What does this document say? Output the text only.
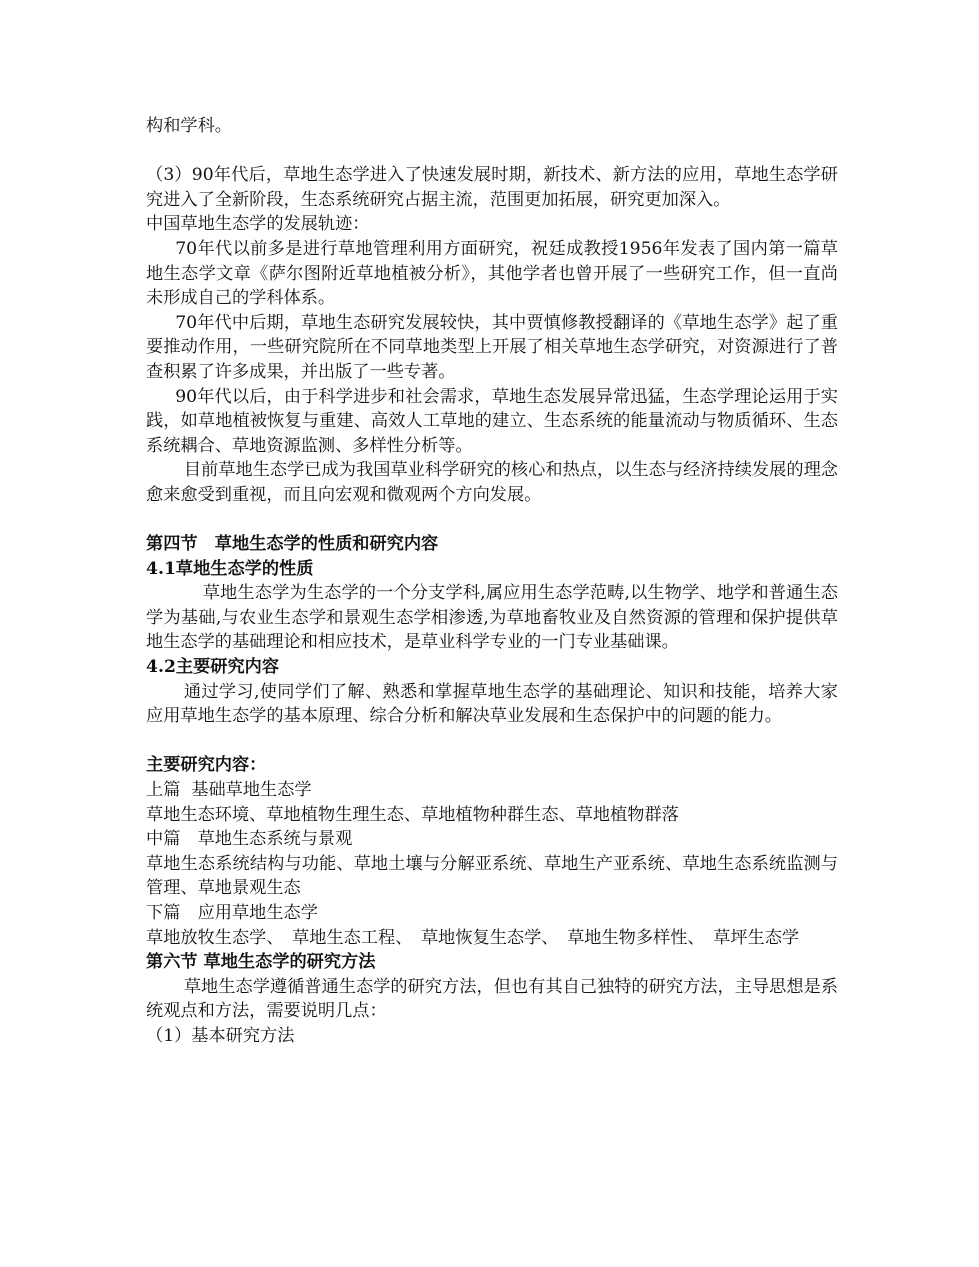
构和学科。

（3）90年代后，草地生态学进入了快速发展时期，新技术、新方法的应用，草地生态学研究进入了全新阶段，生态系统研究占据主流，范围更加拓展，研究更加深入。

中国草地生态学的发展轨迹：

70年代以前多是进行草地管理利用方面研究，祝廷成教授1956年发表了国内第一篇草地生态学文章《萨尔图附近草地植被分析》，其他学者也曾开展了一些研究工作，但一直尚未形成自己的学科体系。

70年代中后期，草地生态研究发展较快，其中贾慎修教授翻译的《草地生态学》起了重要推动作用，一些研究院所在不同草地类型上开展了相关草地生态学研究，对资源进行了普查积累了许多成果，并出版了一些专著。

90年代以后，由于科学进步和社会需求，草地生态发展异常迅猛，生态学理论运用于实践，如草地植被恢复与重建、高效人工草地的建立、生态系统的能量流动与物质循环、生态系统耦合、草地资源监测、多样性分析等。

目前草地生态学已成为我国草业科学研究的核心和热点，以生态与经济持续发展的理念愈来愈受到重视，而且向宏观和微观两个方向发展。

第四节　草地生态学的性质和研究内容

4.1草地生态学的性质

草地生态学为生态学的一个分支学科,属应用生态学范畴,以生物学、地学和普通生态学为基础,与农业生态学和景观生态学相渗透,为草地畜牧业及自然资源的管理和保护提供草地生态学的基础理论和相应技术，是草业科学专业的一门专业基础课。

4.2主要研究内容

通过学习,使同学们了解、熟悉和掌握草地生态学的基础理论、知识和技能，培养大家应用草地生态学的基本原理、综合分析和解决草业发展和生态保护中的问题的能力。

主要研究内容：

上篇  基础草地生态学

草地生态环境、草地植物生理生态、草地植物种群生态、草地植物群落

中篇　草地生态系统与景观

草地生态系统结构与功能、草地土壤与分解亚系统、草地生产亚系统、草地生态系统监测与管理、草地景观生态

下篇　应用草地生态学

草地放牧生态学、　草地生态工程、　草地恢复生态学、　草地生物多样性、　草坪生态学

第六节 草地生态学的研究方法

草地生态学遵循普通生态学的研究方法，但也有其自己独特的研究方法，主导思想是系统观点和方法，需要说明几点：

（1）基本研究方法
